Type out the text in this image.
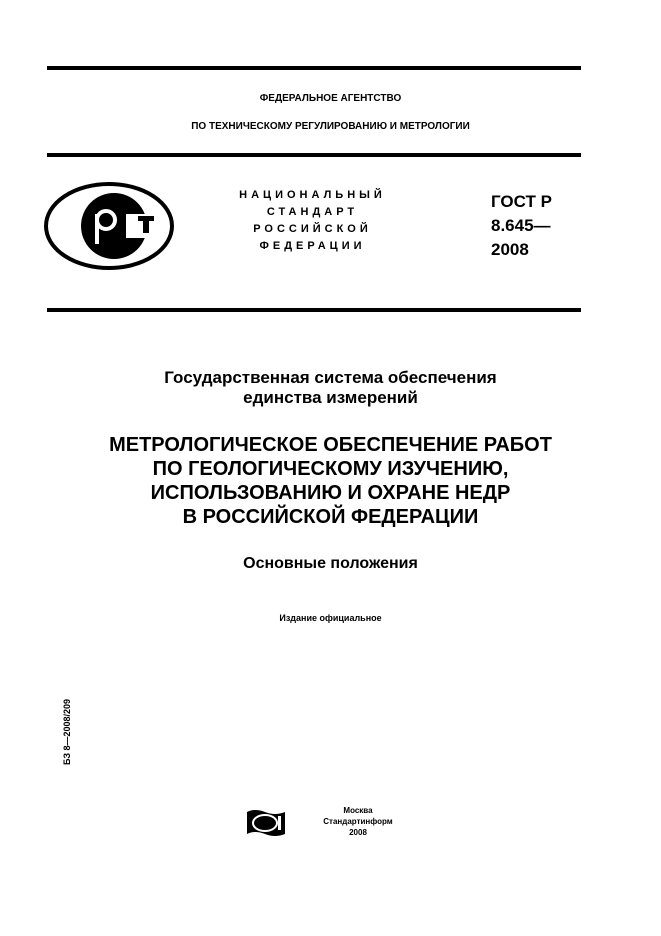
ФЕДЕРАЛЬНОЕ АГЕНТСТВО
ПО ТЕХНИЧЕСКОМУ РЕГУЛИРОВАНИЮ И МЕТРОЛОГИИ
НАЦИОНАЛЬНЫЙ
СТАНДАРТ
РОССИЙСКОЙ
ФЕДЕРАЦИИ
ГОСТ Р
8.645—
2008
Государственная система обеспечения
единства измерений
МЕТРОЛОГИЧЕСКОЕ ОБЕСПЕЧЕНИЕ РАБОТ
ПО ГЕОЛОГИЧЕСКОМУ ИЗУЧЕНИЮ,
ИСПОЛЬЗОВАНИЮ И ОХРАНЕ НЕДР
В РОССИЙСКОЙ ФЕДЕРАЦИИ
Основные положения
Издание официальное
БЗ 8—2008/209
Москва
Стандартинформ
2008
